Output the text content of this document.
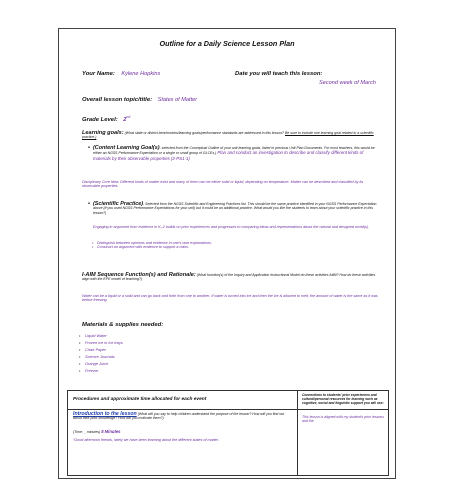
Outline for a Daily Science Lesson Plan
Your Name: Kylene Hopkins	Date you will teach this lesson:
Second week of March
Overall lesson topic/title: States of Matter
Grade Level: 2nd
Learning goals: (What state or district benchmarks/learning goals/performance standards are addressed in this lesson? Be sure to include one learning goal related to a scientific practice.)
• (Content Learning Goal(s)- selected from the Conceptual Outline of your unit learning goals, listed in previous Unit Plan Documents. For most teachers, this would be either an NGSS Performance Expectation or a single or small group of GLCEs.) Plan and conduct an investigation to describe and classify different kinds of materials by their observable properties (2-PS1-1)
Disciplinary Core Idea: Different kinds of matter exist and many of them can be either solid or liquid, depending on temperature. Matter can be described and classified by its observable properties.
• (Scientific Practice)- Selected from the NGSS Scientific and Engineering Practices list. This should be the same practice identified in your NGSS Performance Expectation above (if you used NGSS Performance Expectations for your unit) but it could be an additional practice. What would you like the students to learn about your scientific practice in this lesson?)
Engaging in argument from evidence in K–2 builds on prior experiences and progresses to comparing ideas and representations about the natural and designed world(s).
• Distinguish between opinions and evidence in one's own explanations.
• Construct an argument with evidence to support a claim.
I-AIM Sequence Function(s) and Rationale: (What function(s) of the Inquiry and Application Instructional Model do these activities fulfill? How do these activities align with the EPE model of teaching?)
Water can be a liquid or a solid and can go back and forth from one to another. If water is turned into ice and then the ice is allowed to melt, the amount of water is the same as it was before freezing.
Materials & supplies needed:
• Liquid Water
• Frozen ice in ice trays
• Chart Paper
• Science Journals
• Orange Juice
• Freezer
Procedures and approximate time allocated for each event
Connections to students' prior experiences and cultural/personal resources for learning such as cognitive, social and linguistic support you will use:
Introduction to the lesson (What will you say to help children understand the purpose of the lesson? How will you find out about their prior knowledge? How will you motivate them?)
(Time: _ minutes) 5 Minutes
"Good afternoon friends, lately we have been learning about the different states of matter.
This lesson is aligned with my student's prior lessons and the
